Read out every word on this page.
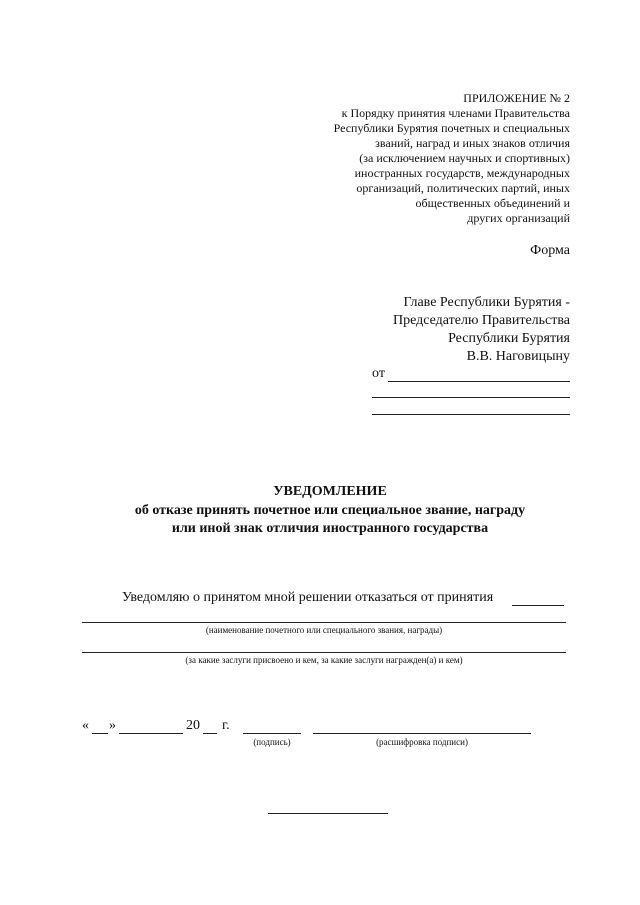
ПРИЛОЖЕНИЕ № 2
к Порядку принятия членами Правительства
Республики Бурятия почетных и специальных
званий, наград и иных знаков отличия
(за исключением научных и спортивных)
иностранных государств, международных
организаций, политических партий, иных
общественных объединений и
других организаций
Форма
Главе Республики Бурятия -
Председателю Правительства
Республики Бурятия
В.В. Наговицыну
от
УВЕДОМЛЕНИЕ
об отказе принять почетное или специальное звание, награду
или иной знак отличия иностранного государства
Уведомляю о принятом мной решении отказаться от принятия
(наименование почетного или специального звания, награды)
(за какие заслуги присвоено и кем, за какие заслуги награжден(а) и кем)
« »	20 г.
(подпись)	(расшифровка подписи)
